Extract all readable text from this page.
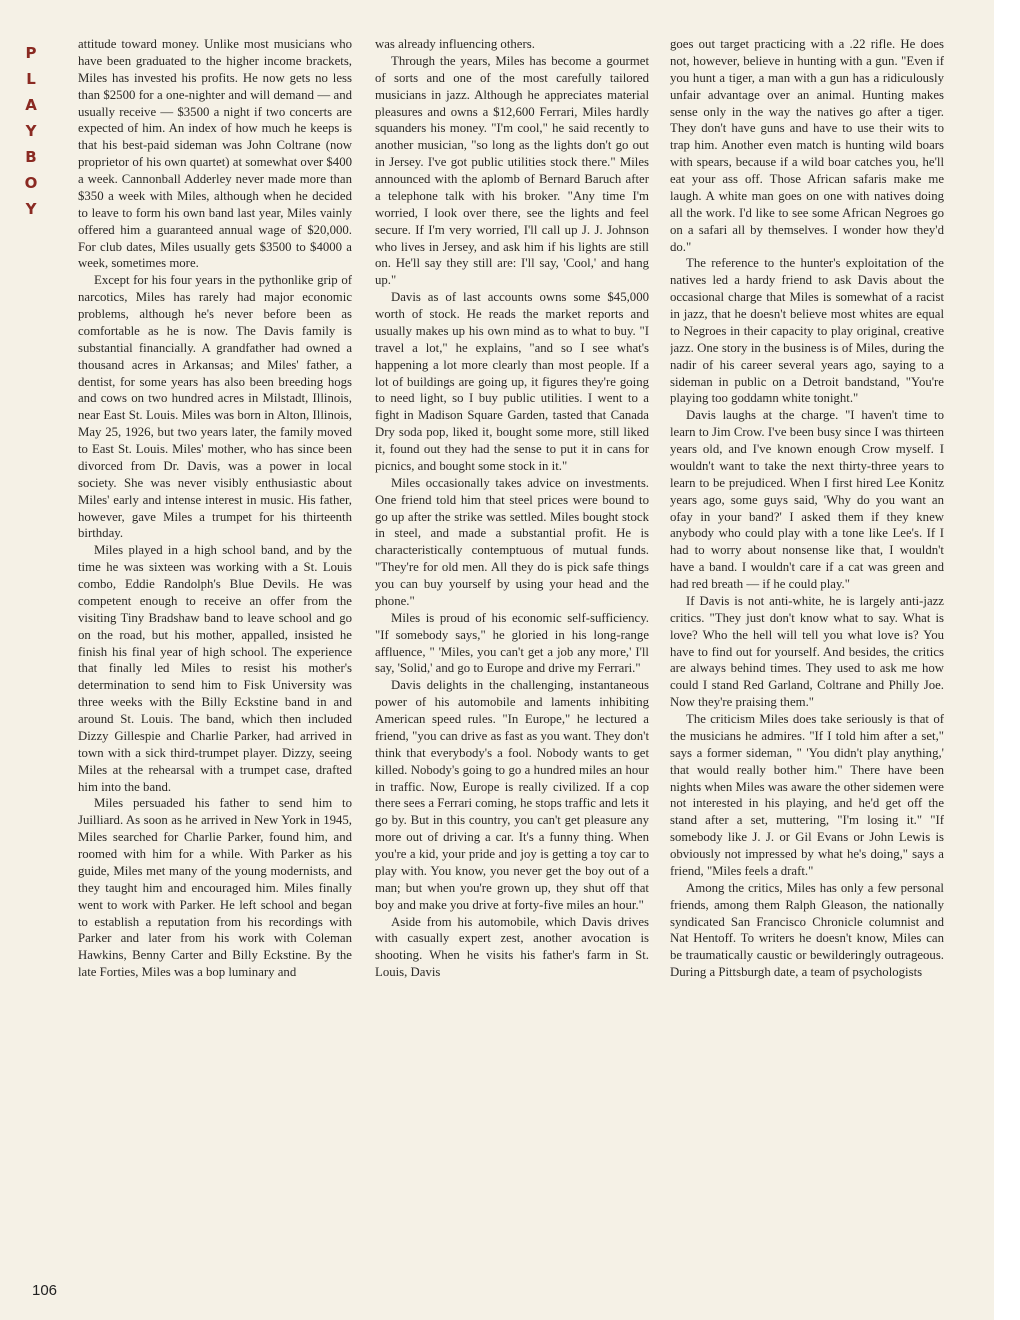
PLAYBOY

attitude toward money. Unlike most musicians who have been graduated to the higher income brackets, Miles has invested his profits. He now gets no less than $2500 for a one-nighter and will demand — and usually receive — $3500 a night if two concerts are expected of him. An index of how much he keeps is that his best-paid sideman was John Coltrane (now proprietor of his own quartet) at somewhat over $400 a week. Cannonball Adderley never made more than $350 a week with Miles, although when he decided to leave to form his own band last year, Miles vainly offered him a guaranteed annual wage of $20,000. For club dates, Miles usually gets $3500 to $4000 a week, sometimes more.

Except for his four years in the pythonlike grip of narcotics, Miles has rarely had major economic problems, although he's never before been as comfortable as he is now. The Davis family is substantial financially. A grandfather had owned a thousand acres in Arkansas; and Miles' father, a dentist, for some years has also been breeding hogs and cows on two hundred acres in Milstadt, Illinois, near East St. Louis. Miles was born in Alton, Illinois, May 25, 1926, but two years later, the family moved to East St. Louis. Miles' mother, who has since been divorced from Dr. Davis, was a power in local society. She was never visibly enthusiastic about Miles' early and intense interest in music. His father, however, gave Miles a trumpet for his thirteenth birthday.

Miles played in a high school band, and by the time he was sixteen was working with a St. Louis combo, Eddie Randolph's Blue Devils. He was competent enough to receive an offer from the visiting Tiny Bradshaw band to leave school and go on the road, but his mother, appalled, insisted he finish his final year of high school. The experience that finally led Miles to resist his mother's determination to send him to Fisk University was three weeks with the Billy Eckstine band in and around St. Louis. The band, which then included Dizzy Gillespie and Charlie Parker, had arrived in town with a sick third-trumpet player. Dizzy, seeing Miles at the rehearsal with a trumpet case, drafted him into the band.

Miles persuaded his father to send him to Juilliard. As soon as he arrived in New York in 1945, Miles searched for Charlie Parker, found him, and roomed with him for a while. With Parker as his guide, Miles met many of the young modernists, and they taught him and encouraged him. Miles finally went to work with Parker. He left school and began to establish a reputation from his recordings with Parker and later from his work with Coleman Hawkins, Benny Carter and Billy Eckstine. By the late Forties, Miles was a bop luminary and

was already influencing others.

Through the years, Miles has become a gourmet of sorts and one of the most carefully tailored musicians in jazz. Although he appreciates material pleasures and owns a $12,600 Ferrari, Miles hardly squanders his money. "I'm cool," he said recently to another musician, "so long as the lights don't go out in Jersey. I've got public utilities stock there." Miles announced with the aplomb of Bernard Baruch after a telephone talk with his broker. "Any time I'm worried, I look over there, see the lights and feel secure. If I'm very worried, I'll call up J. J. Johnson who lives in Jersey, and ask him if his lights are still on. He'll say they still are: I'll say, 'Cool,' and hang up."

Davis as of last accounts owns some $45,000 worth of stock. He reads the market reports and usually makes up his own mind as to what to buy. "I travel a lot," he explains, "and so I see what's happening a lot more clearly than most people. If a lot of buildings are going up, it figures they're going to need light, so I buy public utilities. I went to a fight in Madison Square Garden, tasted that Canada Dry soda pop, liked it, bought some more, still liked it, found out they had the sense to put it in cans for picnics, and bought some stock in it."

Miles occasionally takes advice on investments. One friend told him that steel prices were bound to go up after the strike was settled. Miles bought stock in steel, and made a substantial profit. He is characteristically contemptuous of mutual funds. "They're for old men. All they do is pick safe things you can buy yourself by using your head and the phone."

Miles is proud of his economic self-sufficiency. "If somebody says," he gloried in his long-range affluence, " 'Miles, you can't get a job any more,' I'll say, 'Solid,' and go to Europe and drive my Ferrari."

Davis delights in the challenging, instantaneous power of his automobile and laments inhibiting American speed rules. "In Europe," he lectured a friend, "you can drive as fast as you want. They don't think that everybody's a fool. Nobody wants to get killed. Nobody's going to go a hundred miles an hour in traffic. Now, Europe is really civilized. If a cop there sees a Ferrari coming, he stops traffic and lets it go by. But in this country, you can't get pleasure any more out of driving a car. It's a funny thing. When you're a kid, your pride and joy is getting a toy car to play with. You know, you never get the boy out of a man; but when you're grown up, they shut off that boy and make you drive at forty-five miles an hour."

Aside from his automobile, which Davis drives with casually expert zest, another avocation is shooting. When he visits his father's farm in St. Louis, Davis

goes out target practicing with a .22 rifle. He does not, however, believe in hunting with a gun. "Even if you hunt a tiger, a man with a gun has a ridiculously unfair advantage over an animal. Hunting makes sense only in the way the natives go after a tiger. They don't have guns and have to use their wits to trap him. Another even match is hunting wild boars with spears, because if a wild boar catches you, he'll eat your ass off. Those African safaris make me laugh. A white man goes on one with natives doing all the work. I'd like to see some African Negroes go on a safari all by themselves. I wonder how they'd do."

The reference to the hunter's exploitation of the natives led a hardy friend to ask Davis about the occasional charge that Miles is somewhat of a racist in jazz, that he doesn't believe most whites are equal to Negroes in their capacity to play original, creative jazz. One story in the business is of Miles, during the nadir of his career several years ago, saying to a sideman in public on a Detroit bandstand, "You're playing too goddamn white tonight."

Davis laughs at the charge. "I haven't time to learn to Jim Crow. I've been busy since I was thirteen years old, and I've known enough Crow myself. I wouldn't want to take the next thirty-three years to learn to be prejudiced. When I first hired Lee Konitz years ago, some guys said, 'Why do you want an ofay in your band?' I asked them if they knew anybody who could play with a tone like Lee's. If I had to worry about nonsense like that, I wouldn't have a band. I wouldn't care if a cat was green and had red breath — if he could play."

If Davis is not anti-white, he is largely anti-jazz critics. "They just don't know what to say. What is love? Who the hell will tell you what love is? You have to find out for yourself. And besides, the critics are always behind times. They used to ask me how could I stand Red Garland, Coltrane and Philly Joe. Now they're praising them."

The criticism Miles does take seriously is that of the musicians he admires. "If I told him after a set," says a former sideman, " 'You didn't play anything,' that would really bother him." There have been nights when Miles was aware the other sidemen were not interested in his playing, and he'd get off the stand after a set, muttering, "I'm losing it." "If somebody like J. J. or Gil Evans or John Lewis is obviously not impressed by what he's doing," says a friend, "Miles feels a draft."

Among the critics, Miles has only a few personal friends, among them Ralph Gleason, the nationally syndicated San Francisco Chronicle columnist and Nat Hentoff. To writers he doesn't know, Miles can be traumatically caustic or bewilderingly outrageous. During a Pittsburgh date, a team of psychologists

106
